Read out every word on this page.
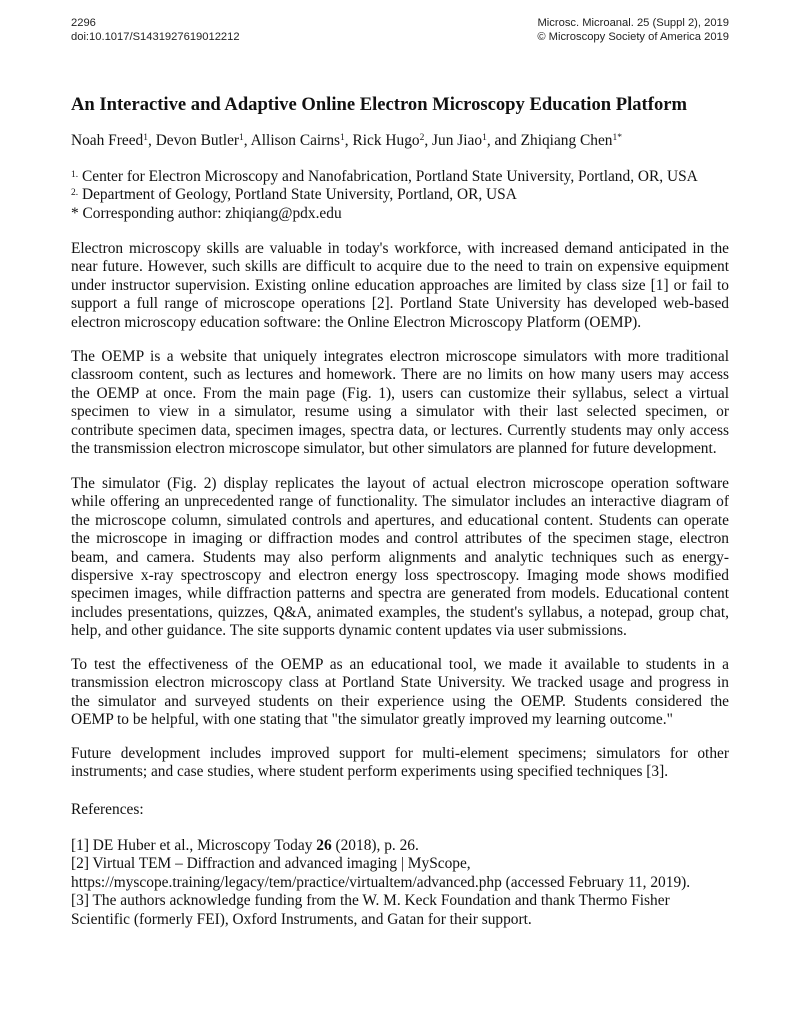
2296
doi:10.1017/S1431927619012212
Microsc. Microanal. 25 (Suppl 2), 2019
© Microscopy Society of America 2019
An Interactive and Adaptive Online Electron Microscopy Education Platform
Noah Freed$^1$, Devon Butler$^1$, Allison Cairns$^1$, Rick Hugo$^2$, Jun Jiao$^1$, and Zhiqiang Chen$^{1*}$
$^{1.}$ Center for Electron Microscopy and Nanofabrication, Portland State University, Portland, OR, USA
$^{2.}$ Department of Geology, Portland State University, Portland, OR, USA
* Corresponding author: zhiqiang@pdx.edu
Electron microscopy skills are valuable in today's workforce, with increased demand anticipated in the
near future. However, such skills are difficult to acquire due to the need to train on expensive equipment
under instructor supervision. Existing online education approaches are limited by class size [1] or fail to
support a full range of microscope operations [2]. Portland State University has developed web-based
electron microscopy education software: the Online Electron Microscopy Platform (OEMP).
The OEMP is a website that uniquely integrates electron microscope simulators with more traditional
classroom content, such as lectures and homework. There are no limits on how many users may access
the OEMP at once. From the main page (Fig. 1), users can customize their syllabus, select a virtual
specimen to view in a simulator, resume using a simulator with their last selected specimen, or
contribute specimen data, specimen images, spectra data, or lectures. Currently students may only access
the transmission electron microscope simulator, but other simulators are planned for future development.
The simulator (Fig. 2) display replicates the layout of actual electron microscope operation software
while offering an unprecedented range of functionality. The simulator includes an interactive diagram of
the microscope column, simulated controls and apertures, and educational content. Students can operate
the microscope in imaging or diffraction modes and control attributes of the specimen stage, electron
beam, and camera. Students may also perform alignments and analytic techniques such as energy-
dispersive x-ray spectroscopy and electron energy loss spectroscopy. Imaging mode shows modified
specimen images, while diffraction patterns and spectra are generated from models. Educational content
includes presentations, quizzes, Q&A, animated examples, the student's syllabus, a notepad, group chat,
help, and other guidance. The site supports dynamic content updates via user submissions.
To test the effectiveness of the OEMP as an educational tool, we made it available to students in a
transmission electron microscopy class at Portland State University. We tracked usage and progress in
the simulator and surveyed students on their experience using the OEMP. Students considered the
OEMP to be helpful, with one stating that "the simulator greatly improved my learning outcome."
Future development includes improved support for multi-element specimens; simulators for other
instruments; and case studies, where student perform experiments using specified techniques [3].
References:
[1] DE Huber et al., Microscopy Today 26 (2018), p. 26.
[2] Virtual TEM – Diffraction and advanced imaging | MyScope,
https://myscope.training/legacy/tem/practice/virtualtem/advanced.php (accessed February 11, 2019).
[3] The authors acknowledge funding from the W. M. Keck Foundation and thank Thermo Fisher
Scientific (formerly FEI), Oxford Instruments, and Gatan for their support.
